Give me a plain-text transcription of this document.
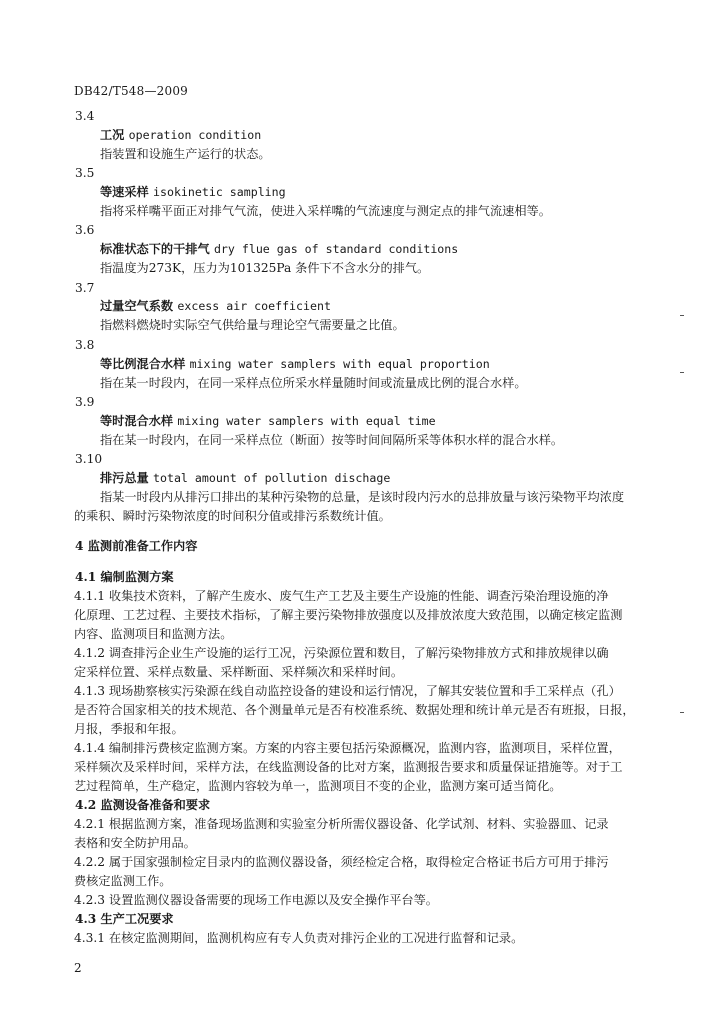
DB42/T548—2009
3.4
工况 operation condition
指装置和设施生产运行的状态。
3.5
等速采样 isokinetic sampling
指将采样嘴平面正对排气气流，使进入采样嘴的气流速度与测定点的排气流速相等。
3.6
标准状态下的干排气 dry flue gas of standard conditions
指温度为273K，压力为101325Pa 条件下不含水分的排气。
3.7
过量空气系数 excess air coefficient
指燃料燃烧时实际空气供给量与理论空气需要量之比值。
3.8
等比例混合水样 mixing water samplers with equal proportion
指在某一时段内，在同一采样点位所采水样量随时间或流量成比例的混合水样。
3.9
等时混合水样 mixing water samplers with equal time
指在某一时段内，在同一采样点位（断面）按等时间间隔所采等体积水样的混合水样。
3.10
排污总量 total amount of pollution dischage
指某一时段内从排污口排出的某种污染物的总量，是该时段内污水的总排放量与该污染物平均浓度
的乘积、瞬时污染物浓度的时间积分值或排污系数统计值。
4 监测前准备工作内容
4.1 编制监测方案
4.1.1 收集技术资料，了解产生废水、废气生产工艺及主要生产设施的性能、调查污染治理设施的净
化原理、工艺过程、主要技术指标，了解主要污染物排放强度以及排放浓度大致范围，以确定核定监测
内容、监测项目和监测方法。
4.1.2 调查排污企业生产设施的运行工况，污染源位置和数目，了解污染物排放方式和排放规律以确
定采样位置、采样点数量、采样断面、采样频次和采样时间。
4.1.3 现场勘察核实污染源在线自动监控设备的建设和运行情况，了解其安装位置和手工采样点（孔）
是否符合国家相关的技术规范、各个测量单元是否有校准系统、数据处理和统计单元是否有班报，日报，
月报，季报和年报。
4.1.4 编制排污费核定监测方案。方案的内容主要包括污染源概况，监测内容，监测项目，采样位置，
采样频次及采样时间，采样方法，在线监测设备的比对方案，监测报告要求和质量保证措施等。对于工
艺过程简单，生产稳定，监测内容较为单一，监测项目不变的企业，监测方案可适当简化。
4.2 监测设备准备和要求
4.2.1 根据监测方案，准备现场监测和实验室分析所需仪器设备、化学试剂、材料、实验器皿、记录
表格和安全防护用品。
4.2.2 属于国家强制检定目录内的监测仪器设备，须经检定合格，取得检定合格证书后方可用于排污
费核定监测工作。
4.2.3 设置监测仪器设备需要的现场工作电源以及安全操作平台等。
4.3 生产工况要求
4.3.1 在核定监测期间，监测机构应有专人负责对排污企业的工况进行监督和记录。
2
